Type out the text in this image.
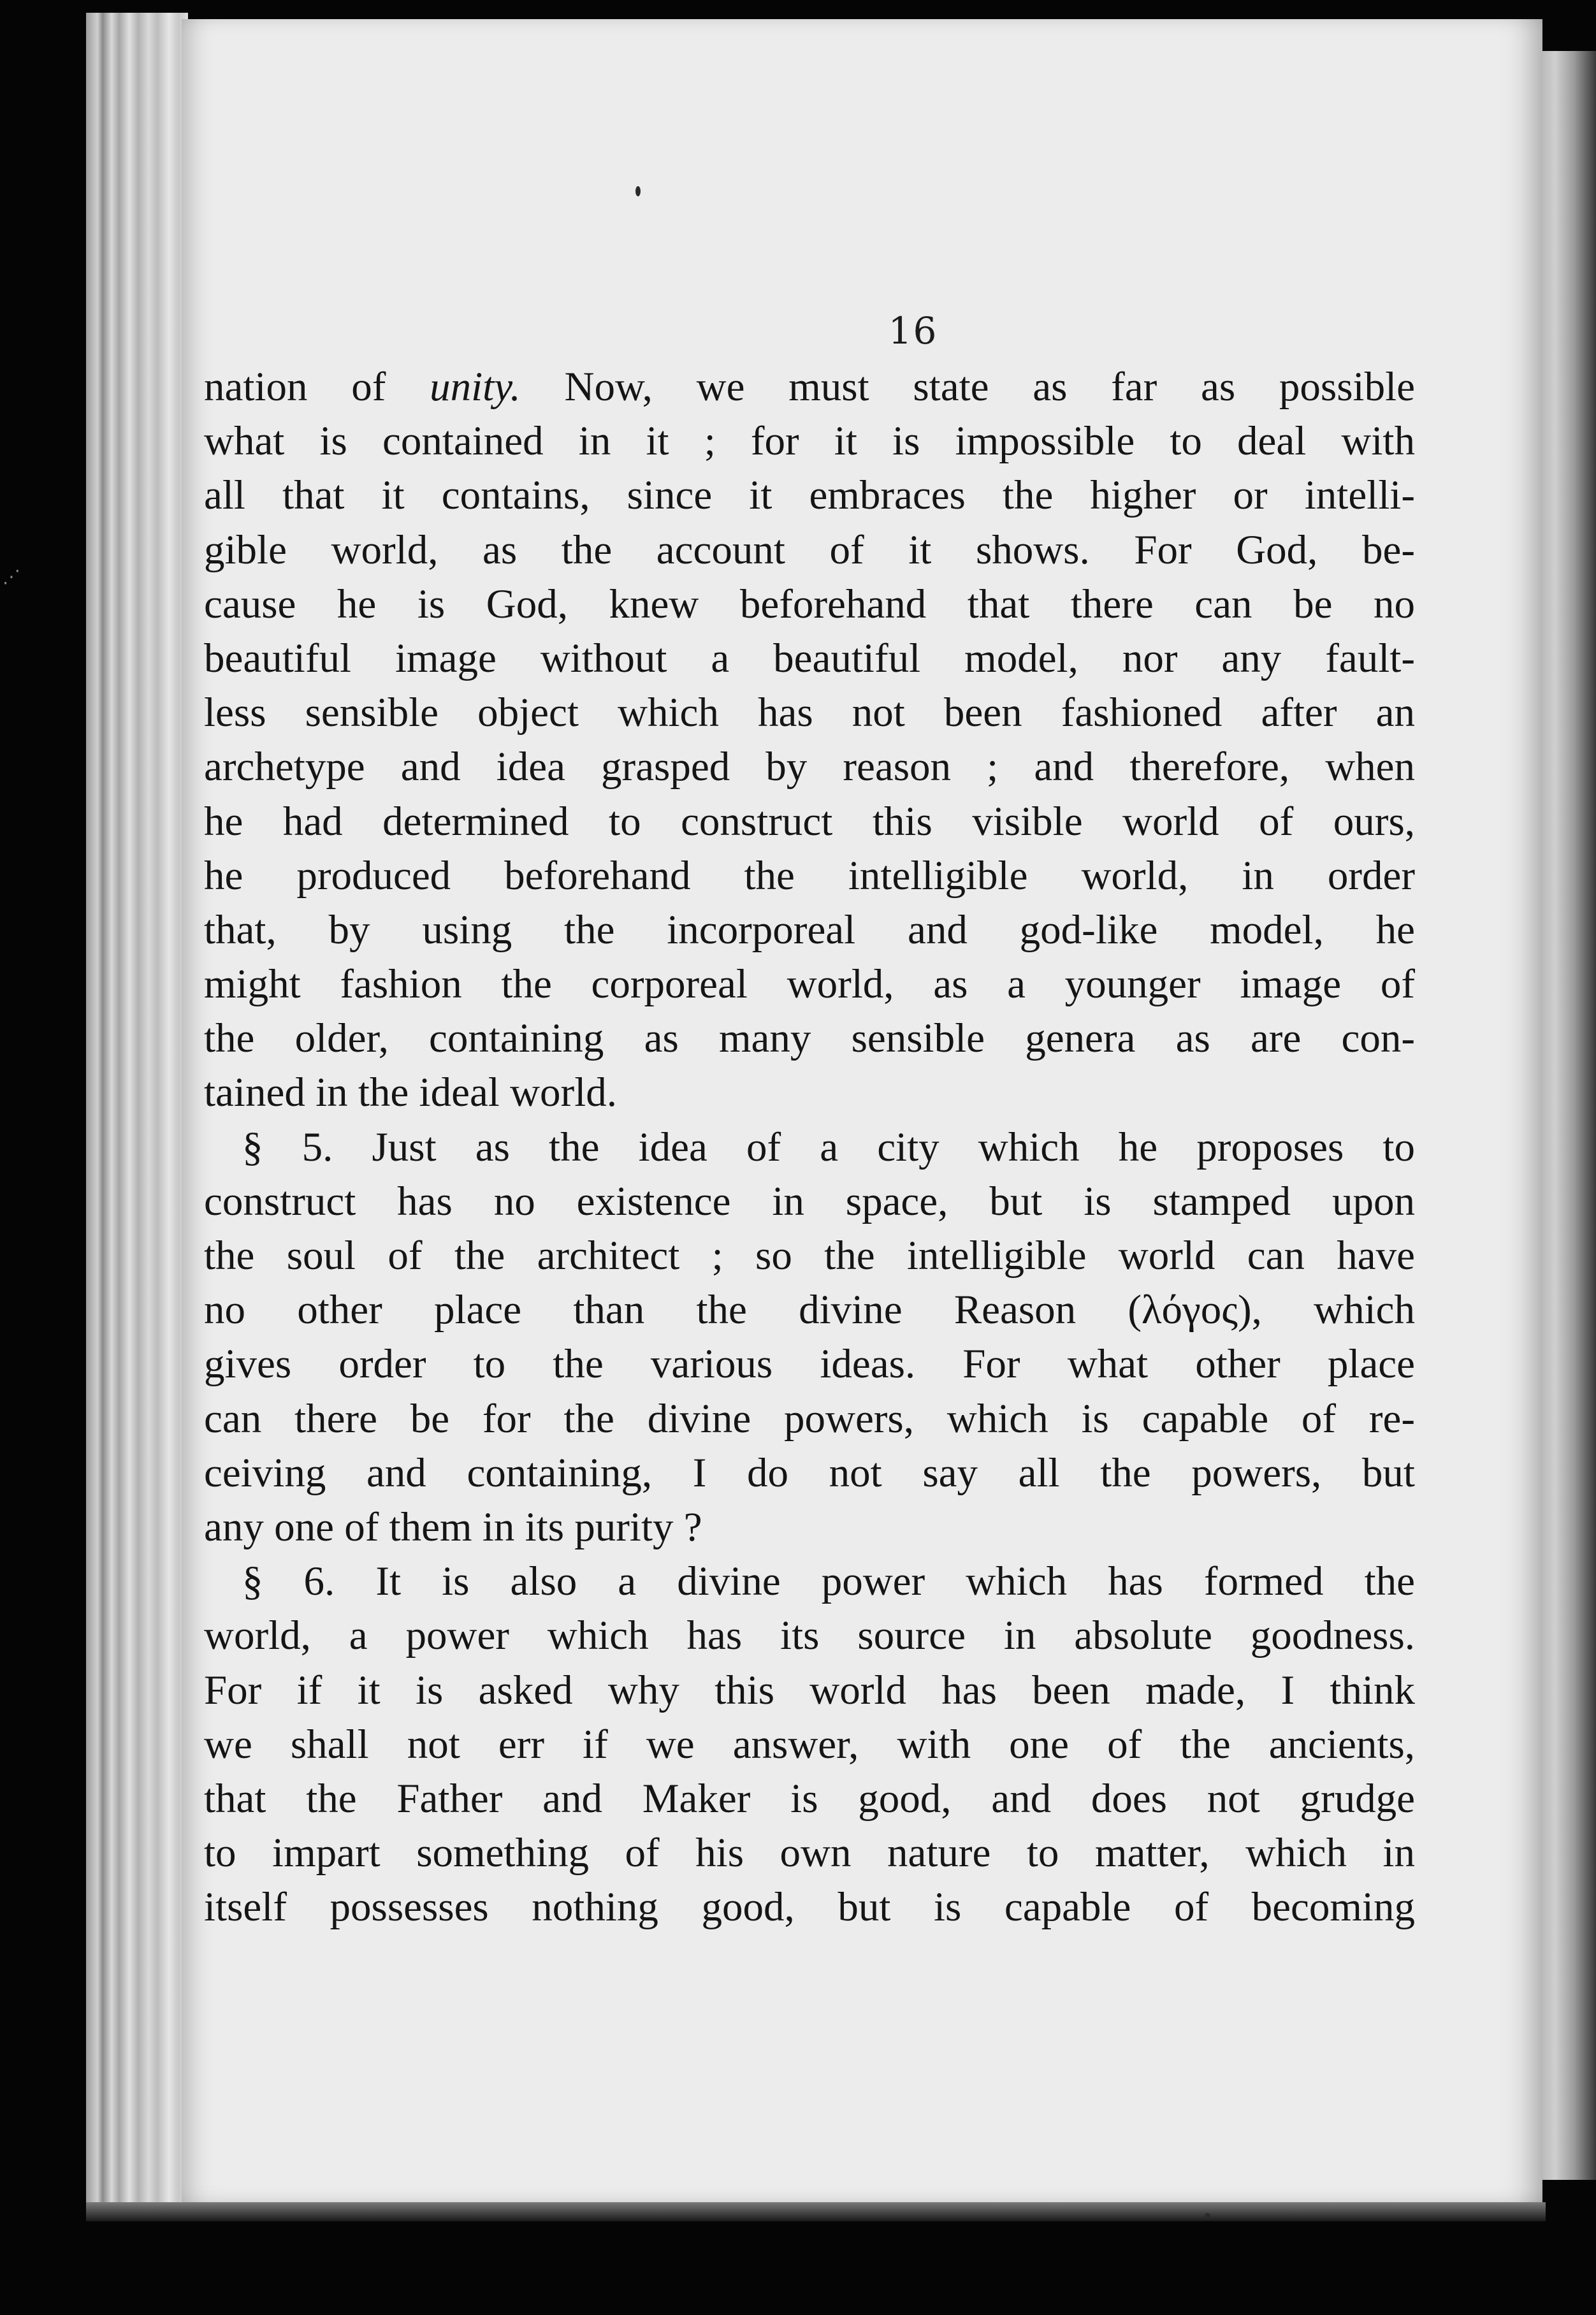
⋰
16
nation of unity. Now, we must state as far as possible
what is contained in it ; for it is impossible to deal with
all that it contains, since it embraces the higher or intelli-
gible world, as the account of it shows. For God, be-
cause he is God, knew beforehand that there can be no
beautiful image without a beautiful model, nor any fault-
less sensible object which has not been fashioned after an
archetype and idea grasped by reason ; and therefore, when
he had determined to construct this visible world of ours,
he produced beforehand the intelligible world, in order
that, by using the incorporeal and god-like model, he
might fashion the corporeal world, as a younger image of
the older, containing as many sensible genera as are con-
tained in the ideal world.
§ 5. Just as the idea of a city which he proposes to
construct has no existence in space, but is stamped upon
the soul of the architect ; so the intelligible world can have
no other place than the divine Reason (λόγος), which
gives order to the various ideas. For what other place
can there be for the divine powers, which is capable of re-
ceiving and containing, I do not say all the powers, but
any one of them in its purity ?
§ 6. It is also a divine power which has formed the
world, a power which has its source in absolute goodness.
For if it is asked why this world has been made, I think
we shall not err if we answer, with one of the ancients,
that the Father and Maker is good, and does not grudge
to impart something of his own nature to matter, which in
itself possesses nothing good, but is capable of becoming
